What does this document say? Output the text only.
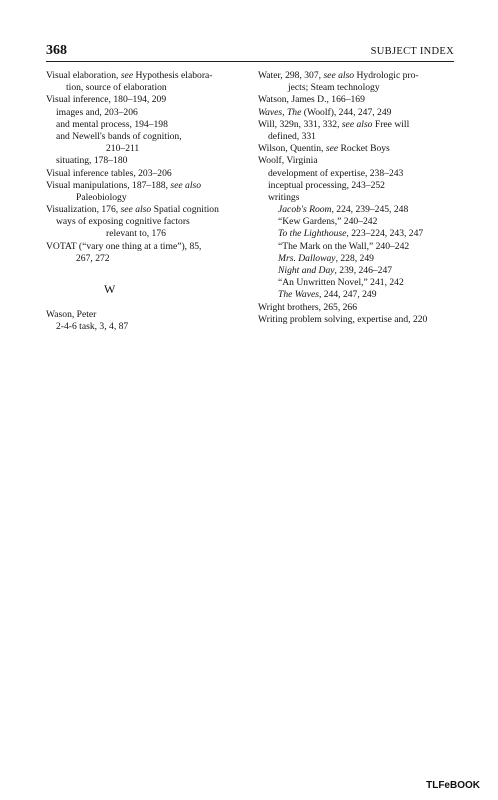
368	SUBJECT INDEX
Visual elaboration, see Hypothesis elabora-
tion, source of elaboration
Visual inference, 180–194, 209
images and, 203–206
and mental process, 194–198
and Newell's bands of cognition,
210–211
situating, 178–180
Visual inference tables, 203–206
Visual manipulations, 187–188, see also
Paleobiology
Visualization, 176, see also Spatial cognition
ways of exposing cognitive factors
relevant to, 176
VOTAT (“vary one thing at a time”), 85,
267, 272
W
Wason, Peter
2-4-6 task, 3, 4, 87
Water, 298, 307, see also Hydrologic pro-
jects; Steam technology
Watson, James D., 166–169
Waves, The (Woolf), 244, 247, 249
Will, 329n, 331, 332, see also Free will
defined, 331
Wilson, Quentin, see Rocket Boys
Woolf, Virginia
development of expertise, 238–243
inceptual processing, 243–252
writings
Jacob's Room, 224, 239–245, 248
“Kew Gardens,” 240–242
To the Lighthouse, 223–224, 243, 247
“The Mark on the Wall,” 240–242
Mrs. Dalloway, 228, 249
Night and Day, 239, 246–247
“An Unwritten Novel,” 241, 242
The Waves, 244, 247, 249
Wright brothers, 265, 266
Writing problem solving, expertise and, 220
TLFeBOOK
